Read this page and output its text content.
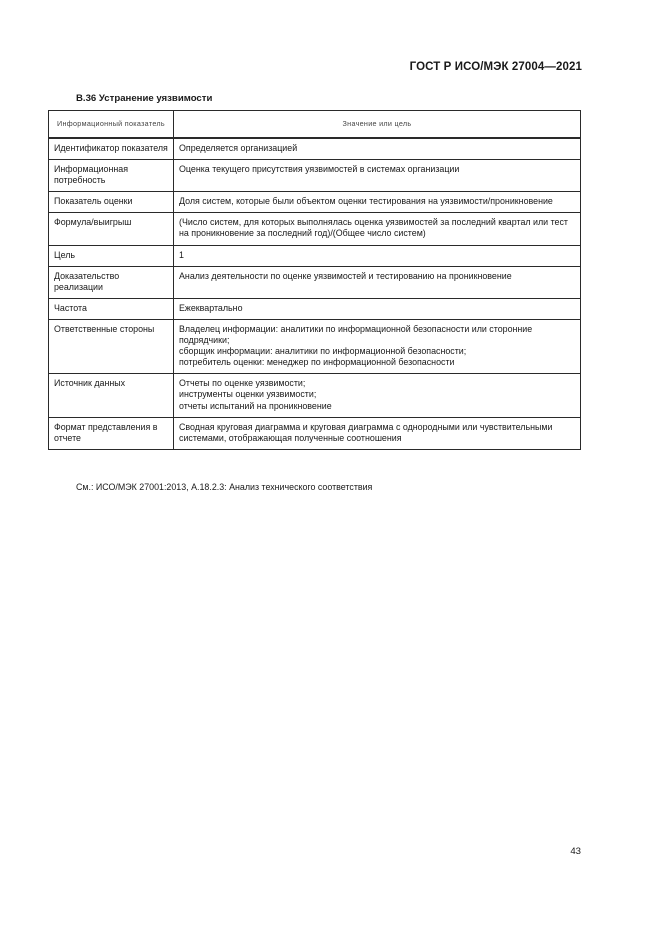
ГОСТ Р ИСО/МЭК 27004—2021
В.36 Устранение уязвимости
Информационный показатель	Значение или цель
Идентификатор показателя	Определяется организацией
Информационная потребность	Оценка текущего присутствия уязвимостей в системах организации
Показатель оценки	Доля систем, которые были объектом оценки тестирования на уязвимости/проникновение
Формула/выигрыш	(Число систем, для которых выполнялась оценка уязвимостей за последний квартал или тест на проникновение за последний год)/(Общее число систем)
Цель	1
Доказательство реализации	Анализ деятельности по оценке уязвимостей и тестированию на проникновение
Частота	Ежеквартально
Ответственные стороны	Владелец информации: аналитики по информационной безопасности или сторонние подрядчики;
сборщик информации: аналитики по информационной безопасности;
потребитель оценки: менеджер по информационной безопасности

Источник данных	Отчеты по оценке уязвимости;
инструменты оценки уязвимости;
отчеты испытаний на проникновение

Формат представления в отчете	Сводная круговая диаграмма и круговая диаграмма с однородными или чувствительными системами, отображающая полученные соотношения
См.: ИСО/МЭК 27001:2013, A.18.2.3: Анализ технического соответствия
43
